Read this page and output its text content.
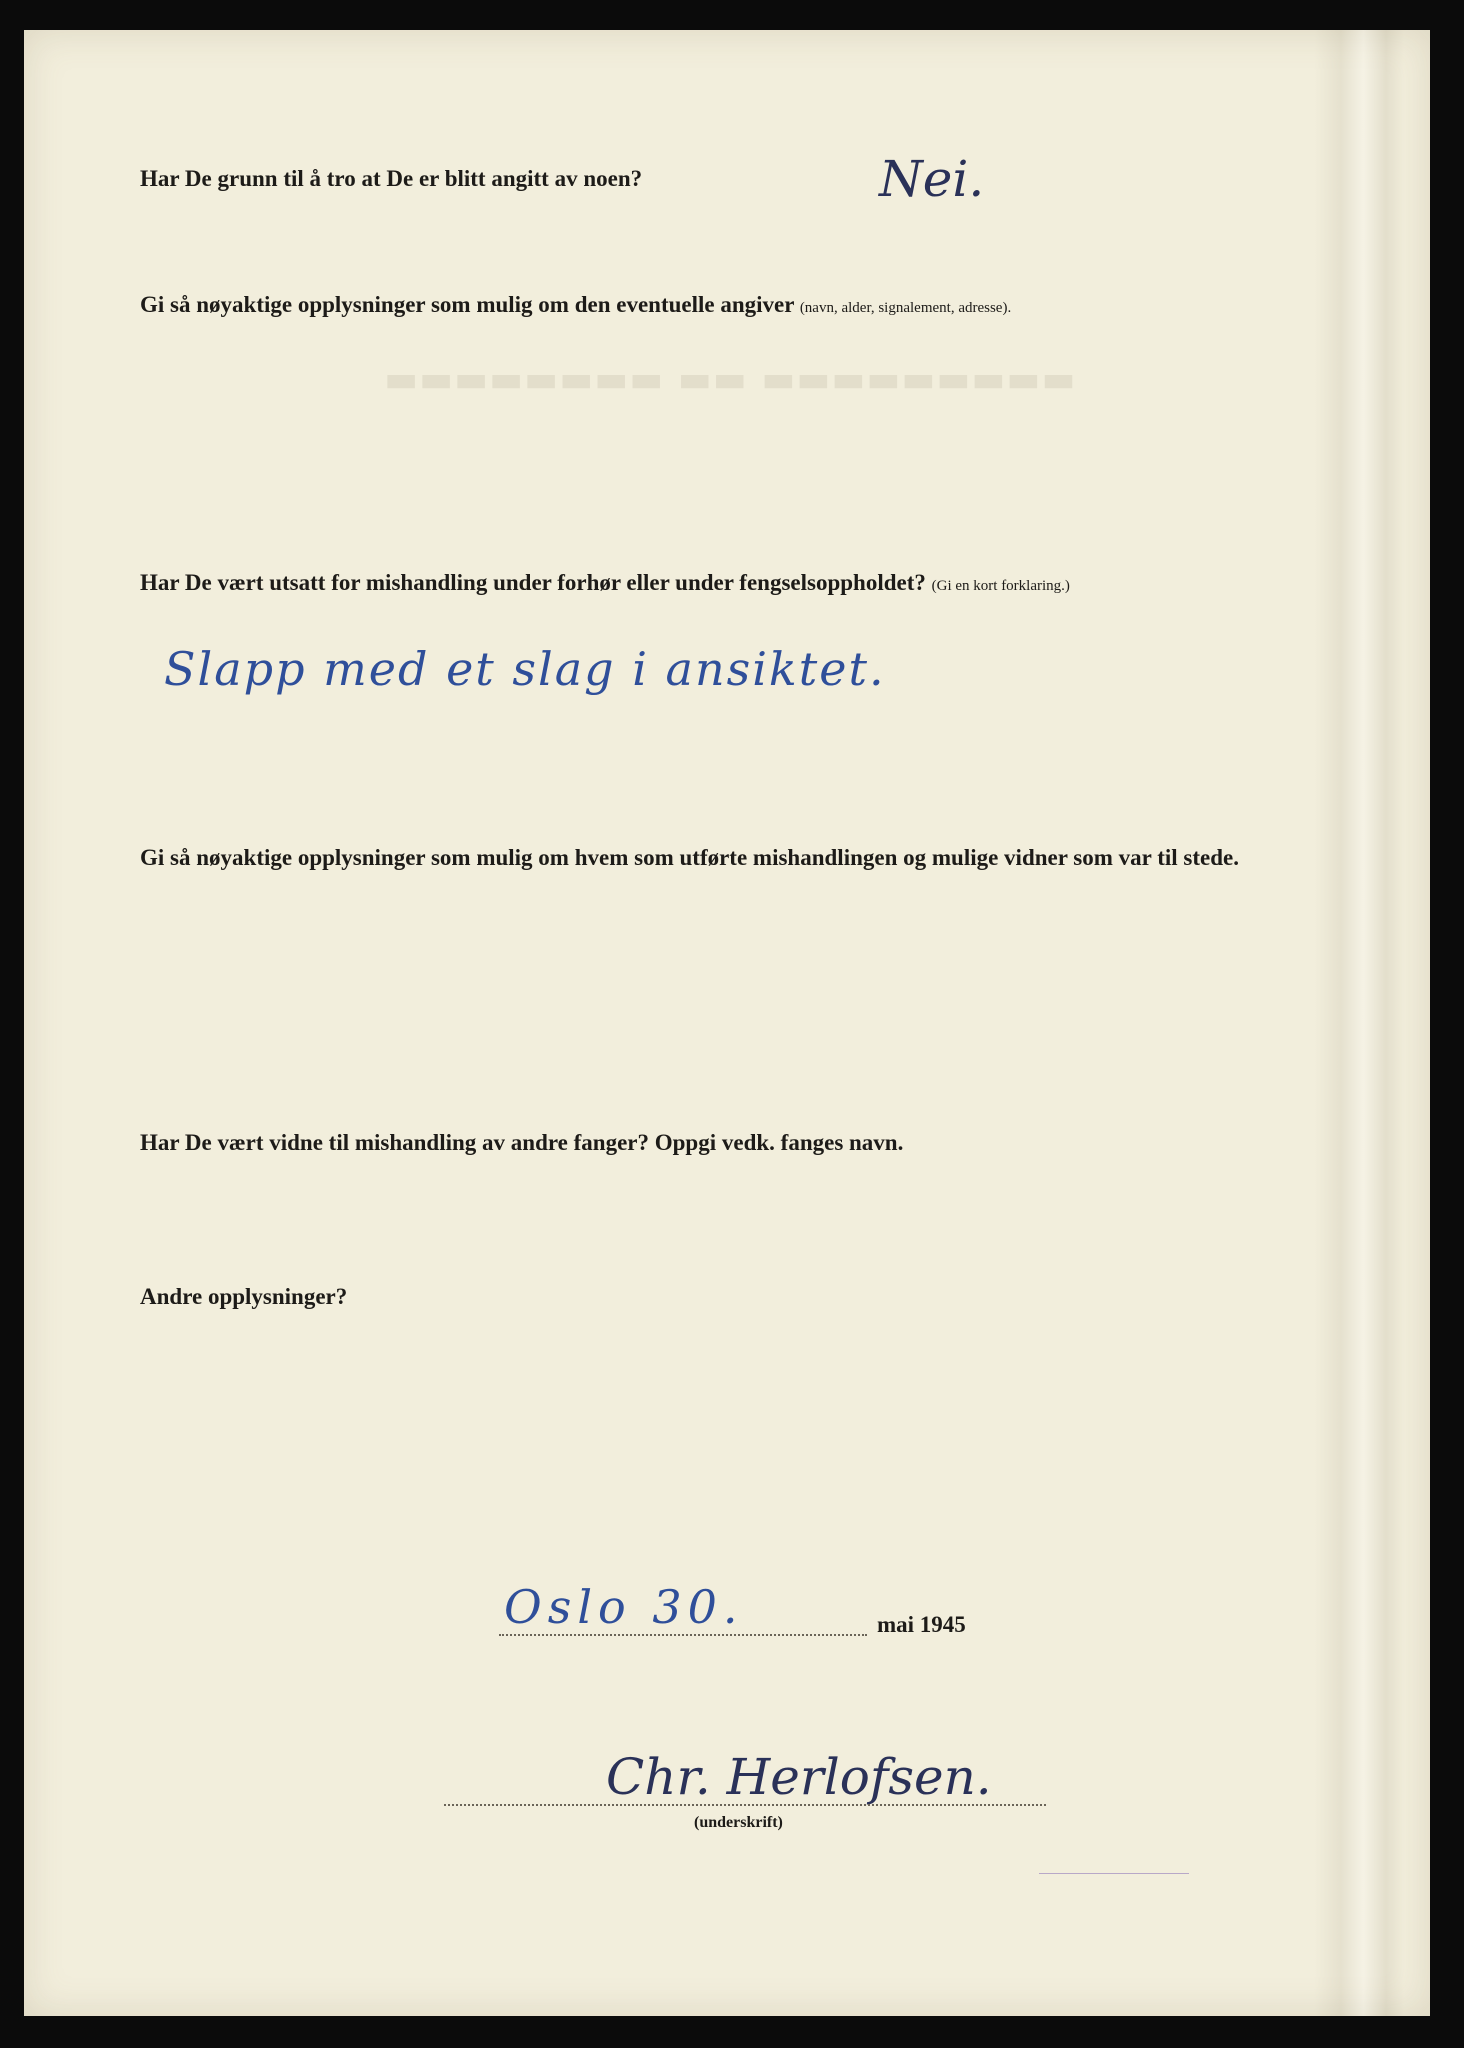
▬▬▬▬▬▬▬▬ ▬▬ ▬▬▬▬▬▬▬▬▬
Har De grunn til å tro at De er blitt angitt av noen?	Nei.
Gi så nøyaktige opplysninger som mulig om den eventuelle angiver (navn, alder, signalement, adresse).
Har De vært utsatt for mishandling under forhør eller under fengselsoppholdet? (Gi en kort forklaring.)
Slapp med et slag i ansiktet.
Gi så nøyaktige opplysninger som mulig om hvem som utførte mishandlingen og mulige vidner som var til stede.
Har De vært vidne til mishandling av andre fanger? Oppgi vedk. fanges navn.
Andre opplysninger?
Oslo 30.	mai 1945
Chr. Herlofsen.
(underskrift)
